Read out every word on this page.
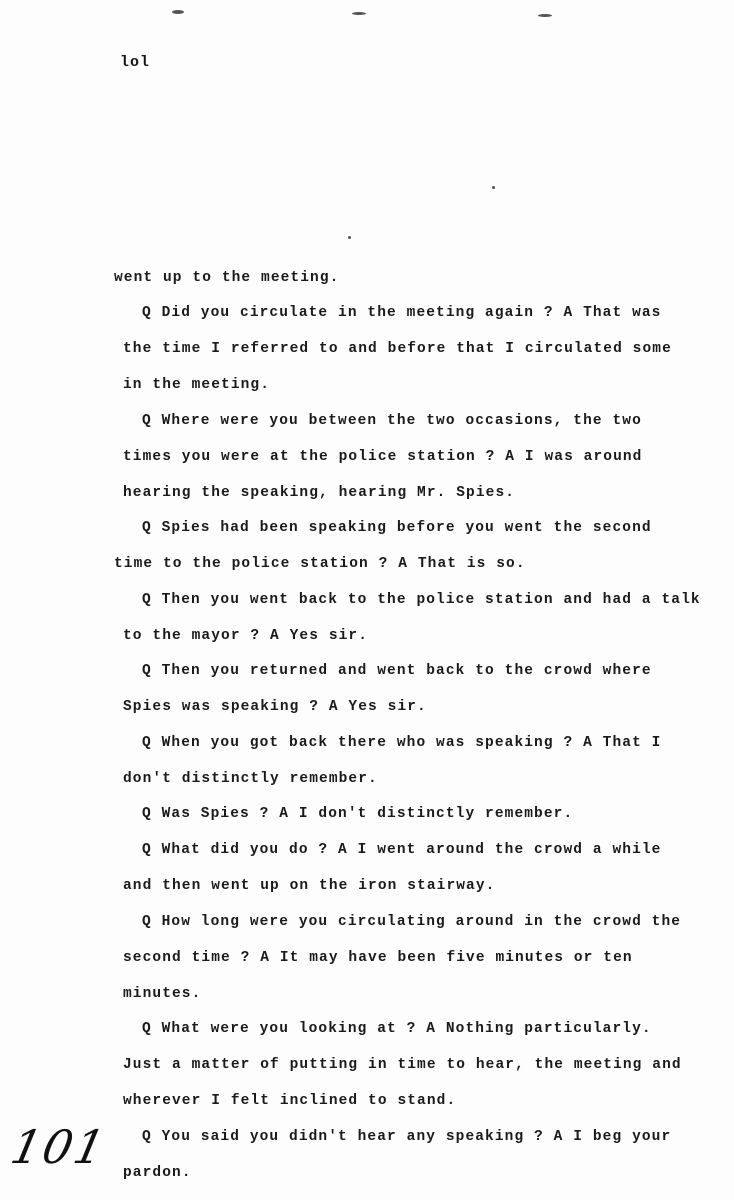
lol
went up to the meeting.
Q Did you circulate in the meeting again ? A That was
the time I referred to and before that I circulated some
in the meeting.
Q Where were you between the two occasions, the two
times you were at the police station ? A I was around
hearing the speaking, hearing Mr. Spies.
Q Spies had been speaking before you went the second
time to the police station ? A That is so.
Q Then you went back to the police station and had a talk
to the mayor ? A Yes sir.
Q Then you returned and went back to the crowd where
Spies was speaking ? A Yes sir.
Q When you got back there who was speaking ? A That I
don't distinctly remember.
Q Was Spies ? A I don't distinctly remember.
Q What did you do ? A I went around the crowd a while
and then went up on the iron stairway.
Q How long were you circulating around in the crowd the
second time ? A It may have been five minutes or ten
minutes.
Q What were you looking at ? A Nothing particularly.
Just a matter of putting in time to hear, the meeting and
wherever I felt inclined to stand.
Q You said you didn't hear any speaking ? A I beg your
pardon.
101
